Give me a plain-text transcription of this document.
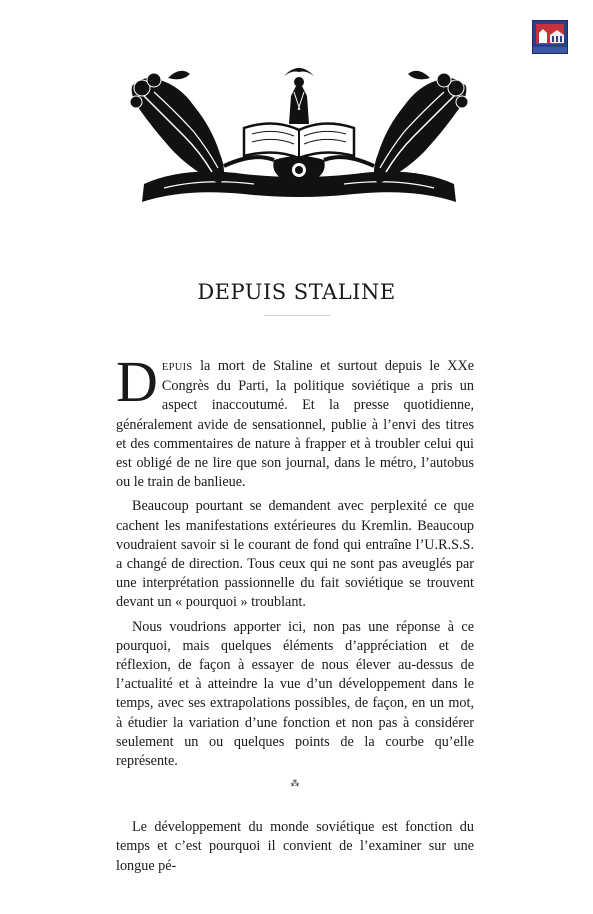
DEPUIS STALINE

DEPUIS la mort de Staline et surtout depuis le XXe Congrès du Parti, la politique soviétique a pris un aspect inaccoutumé. Et la presse quotidienne, généralement avide de sensationnel, publie à l’envi des titres et des commentaires de nature à frapper et à troubler celui qui est obligé de ne lire que son journal, dans le métro, l’autobus ou le train de banlieue.

Beaucoup pourtant se demandent avec perplexité ce que cachent les manifestations extérieures du Kremlin. Beaucoup voudraient savoir si le courant de fond qui entraîne l’U.R.S.S. a changé de direction. Tous ceux qui ne sont pas aveuglés par une interprétation passionnelle du fait soviétique se trouvent devant un « pourquoi » troublant.

Nous voudrions apporter ici, non pas une réponse à ce pourquoi, mais quelques éléments d’appréciation et de réflexion, de façon à essayer de nous élever au-dessus de l’actualité et à atteindre la vue d’un développement dans le temps, avec ses extrapolations possibles, de façon, en un mot, à étudier la variation d’une fonction et non pas à considérer seulement un ou quelques points de la courbe qu’elle représente.

⁂

Le développement du monde soviétique est fonction du temps et c’est pourquoi il convient de l’examiner sur une longue pé-
